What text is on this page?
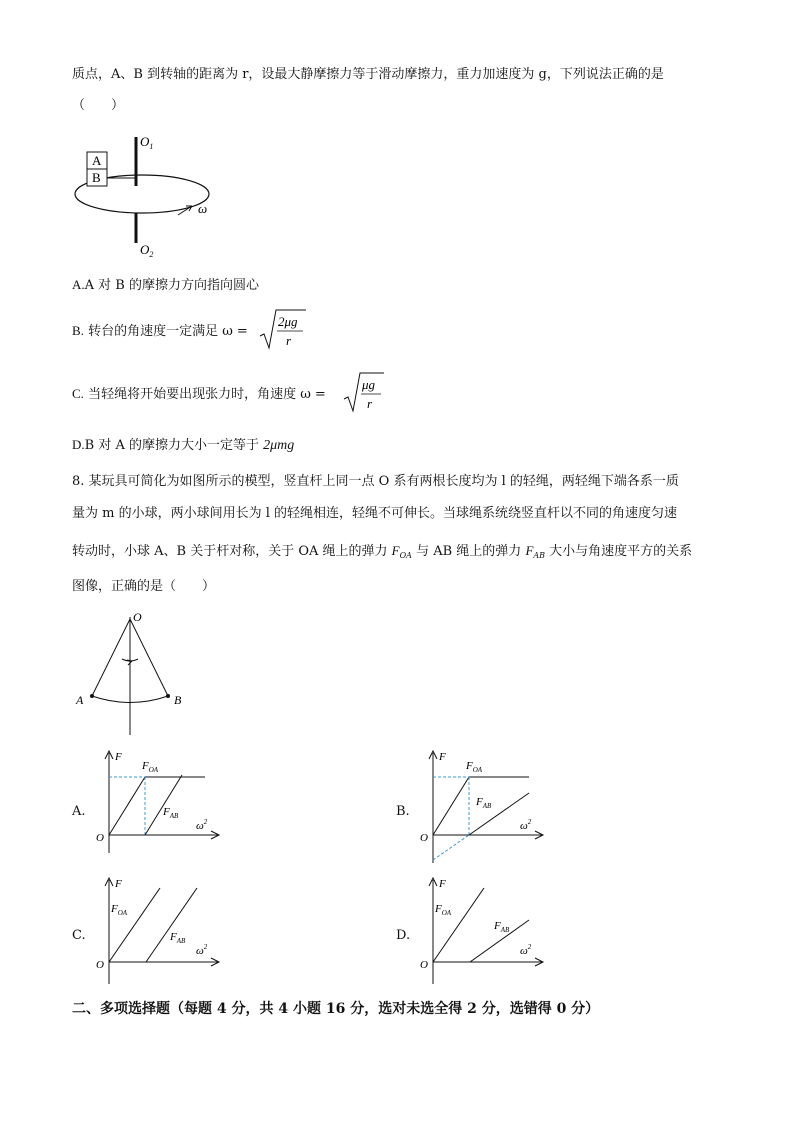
质点，A、B 到转轴的距离为 r，设最大静摩擦力等于滑动摩擦力，重力加速度为 g，下列说法正确的是
（　　）
A
B
$O_1$
$O_2$
ω
A.A 对 B 的摩擦力方向指向圆心
B. 转台的角速度一定满足 ω =
2μg
r
C. 当轻绳将开始要出现张力时，角速度 ω =
μg
r
D.B 对 A 的摩擦力大小一定等于 2μmg
8. 某玩具可简化为如图所示的模型，竖直杆上同一点 O 系有两根长度均为 l 的轻绳，两轻绳下端各系一质
量为 m 的小球，两小球间用长为 l 的轻绳相连，轻绳不可伸长。当球绳系统绕竖直杆以不同的角速度匀速
转动时，小球 A、B 关于杆对称，关于 OA 绳上的弹力 $F_{OA}$ 与 AB 绳上的弹力 $F_{AB}$ 大小与角速度平方的关系
图像，正确的是（　　）
O
A	B
A.
F
O
$\omega^2$
$F_{OA}$
$F_{AB}$	B.
F
O
$\omega^2$
$F_{OA}$
$F_{AB}$
C.
F
O
$\omega^2$
$F_{OA}$
$F_{AB}$	D.
F
O
$\omega^2$
$F_{OA}$
$F_{AB}$
二、多项选择题（每题 4 分，共 4 小题 16 分，选对未选全得 2 分，选错得 0 分）
